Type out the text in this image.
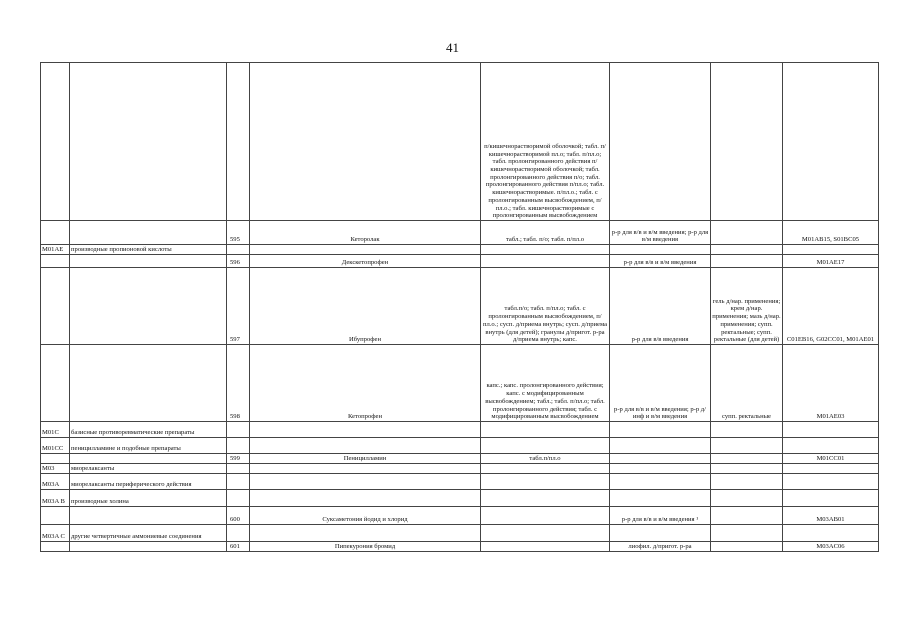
41
				п/кишечнорастворимой оболочкой; табл. п/кишечнорастворимой пл.о; табл. п/пл.о; табл. пролонгированного действия п/кишечнорастворимой оболочкой; табл. пролонгированного действия п/о; табл. пролонгированного действия п/пл.о; табл. кишечнорастворимые. п/пл.о.; табл. с пролонгированным высвобождением, п/пл.о.; табл. кишечнорастворимые с пролонгированным высвобождением			
		595	Кеторолак	табл.; табл. п/о; табл. п/пл.о	р-р для в/в и в/м введения; р-р для в/м введения		M01AB15, S01BC05
M01AE	производные пропионовой кислоты						
		596	Декскетопрофен		р-р для в/в и в/м введения		M01AE17
		597	Ибупрофен	табл.п/о; табл. п/пл.о; табл. с пролонгированным высвобождением, п/пл.о.; сусп. д/приема внутрь; сусп. д/приема внутрь (для детей); гранулы д/пригот. р-ра д/приема внутрь; капс.	р-р для в/в введения	гель д/нар. применения; крем д/нар. применения; мазь д/нар. применения; супп. ректальные; супп. ректальные (для детей)	C01EB16, G02CC01, M01AE01
		598	Кетопрофен	капс.; капс. пролонгированного действия; капс. с модифицированным высвобождением; табл.; табл. п/пл.о; табл. пролонгированного действия; табл. с модифицированным высвобождением	р-р для в/в и в/м введения; р-р д/инф и в/м введения	супп. ректальные	M01AE03
M01C	базисные противоревматические препараты						
M01CC	пеницилламине и подобные препараты						
		599	Пеницилламин	табл.п/пл.о			M01CC01
M03	миорелаксанты						
M03A	миорелаксанты периферического действия						
M03A B	производные холина						
		600	Суксаметония йодид и хлорид		р-р для в/в и в/м введения ¹		M03AB01
M03A C	другие четвертичные аммониевые соединения						
		601	Пипекурония бромид		лиофил. д/пригот. р-ра		M03AC06
